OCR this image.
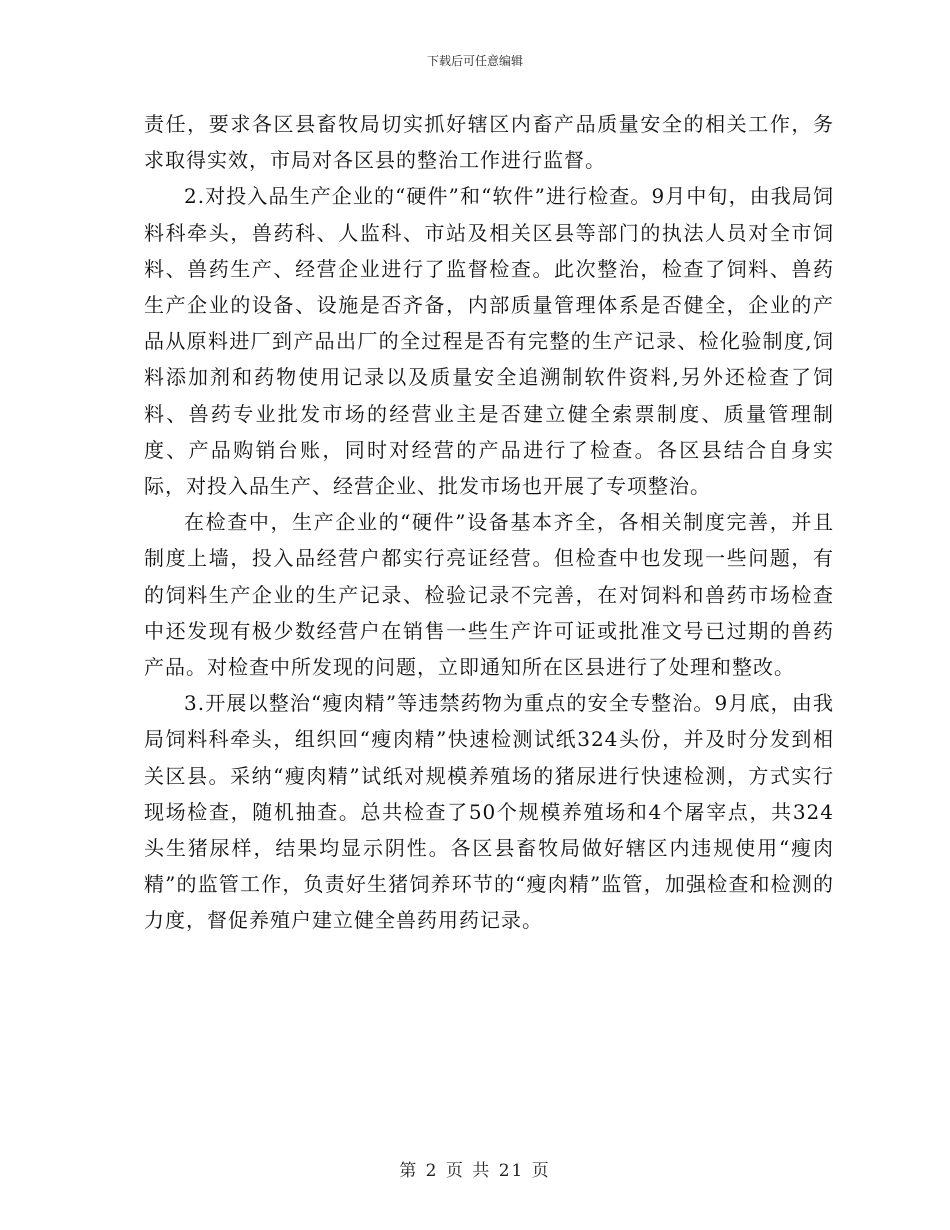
下载后可任意编辑

责任，要求各区县畜牧局切实抓好辖区内畜产品质量安全的相关工作，务求取得实效，市局对各区县的整治工作进行监督。

2.对投入品生产企业的“硬件”和“软件”进行检查。9月中旬，由我局饲料科牵头，兽药科、人监科、市站及相关区县等部门的执法人员对全市饲料、兽药生产、经营企业进行了监督检查。此次整治，检查了饲料、兽药生产企业的设备、设施是否齐备，内部质量管理体系是否健全，企业的产品从原料进厂到产品出厂的全过程是否有完整的生产记录、检化验制度,饲料添加剂和药物使用记录以及质量安全追溯制软件资料,另外还检查了饲料、兽药专业批发市场的经营业主是否建立健全索票制度、质量管理制度、产品购销台账，同时对经营的产品进行了检查。各区县结合自身实际，对投入品生产、经营企业、批发市场也开展了专项整治。

在检查中，生产企业的“硬件”设备基本齐全，各相关制度完善，并且制度上墙，投入品经营户都实行亮证经营。但检查中也发现一些问题，有的饲料生产企业的生产记录、检验记录不完善，在对饲料和兽药市场检查中还发现有极少数经营户在销售一些生产许可证或批准文号已过期的兽药产品。对检查中所发现的问题，立即通知所在区县进行了处理和整改。

3.开展以整治“瘦肉精”等违禁药物为重点的安全专整治。9月底，由我局饲料科牵头，组织回“瘦肉精”快速检测试纸324头份，并及时分发到相关区县。采纳“瘦肉精”试纸对规模养殖场的猪尿进行快速检测，方式实行现场检查，随机抽查。总共检查了50个规模养殖场和4个屠宰点，共324头生猪尿样，结果均显示阴性。各区县畜牧局做好辖区内违规使用“瘦肉精”的监管工作，负责好生猪饲养环节的“瘦肉精”监管，加强检查和检测的力度，督促养殖户建立健全兽药用药记录。

第 2 页 共 21 页
